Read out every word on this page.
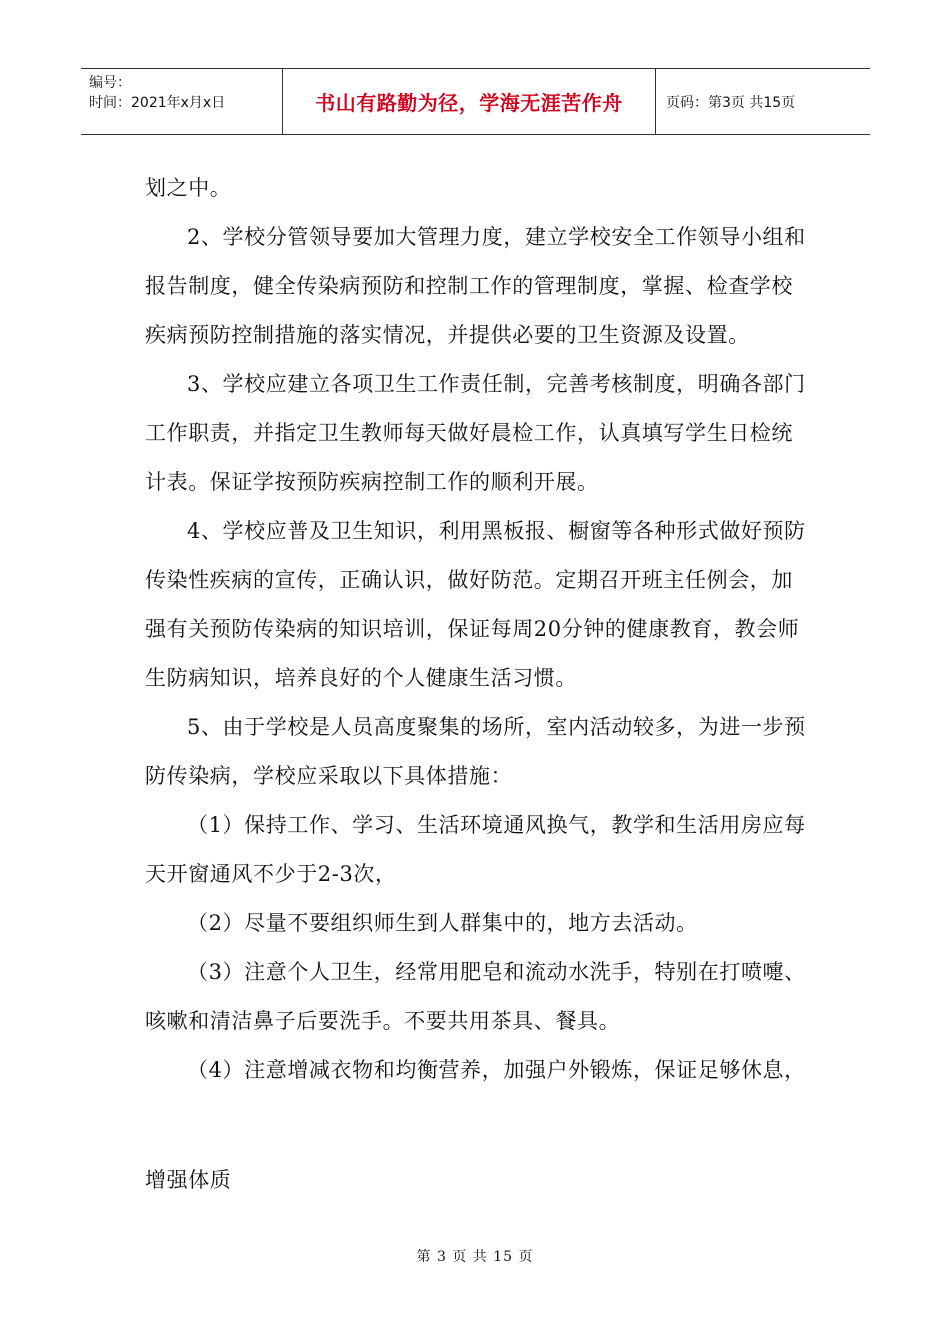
编号：
时间：2021年x月x日	书山有路勤为径，学海无涯苦作舟	页码：第3页 共15页

划之中。

2、学校分管领导要加大管理力度，建立学校安全工作领导小组和报告制度，健全传染病预防和控制工作的管理制度，掌握、检查学校疾病预防控制措施的落实情况，并提供必要的卫生资源及设置。

3、学校应建立各项卫生工作责任制，完善考核制度，明确各部门工作职责，并指定卫生教师每天做好晨检工作，认真填写学生日检统计表。保证学按预防疾病控制工作的顺利开展。

4、学校应普及卫生知识，利用黑板报、橱窗等各种形式做好预防传染性疾病的宣传，正确认识，做好防范。定期召开班主任例会，加强有关预防传染病的知识培训，保证每周20分钟的健康教育，教会师生防病知识，培养良好的个人健康生活习惯。

5、由于学校是人员高度聚集的场所，室内活动较多，为进一步预防传染病，学校应采取以下具体措施：

（1）保持工作、学习、生活环境通风换气，教学和生活用房应每天开窗通风不少于2-3次，

（2）尽量不要组织师生到人群集中的，地方去活动。

（3）注意个人卫生，经常用肥皂和流动水洗手，特别在打喷嚏、咳嗽和清洁鼻子后要洗手。不要共用茶具、餐具。

（4）注意增减衣物和均衡营养，加强户外锻炼，保证足够休息，

增强体质
第 3 页 共 15 页
